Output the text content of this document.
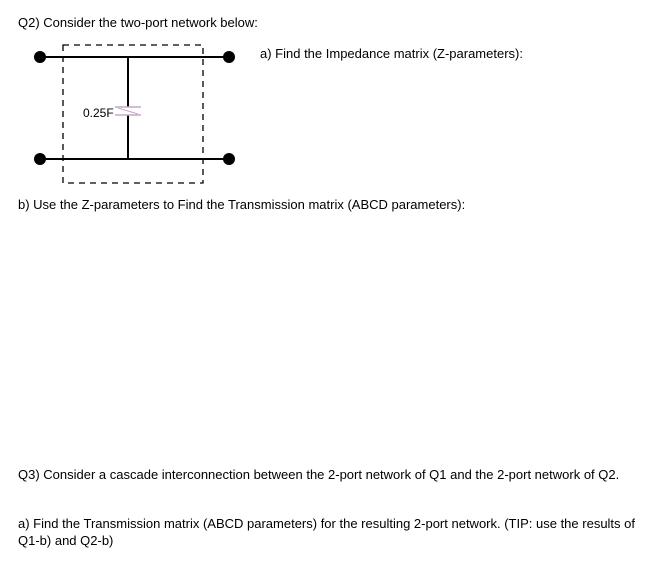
Q2) Consider the two-port network below:

0.25F

a) Find the Impedance matrix (Z-parameters):

b) Use the Z-parameters to Find the Transmission matrix (ABCD parameters):

Q3) Consider a cascade interconnection between the 2-port network of Q1 and the 2-port network of Q2.

a) Find the Transmission matrix (ABCD parameters) for the resulting 2-port network. (TIP: use the results of Q1-b) and Q2-b)
